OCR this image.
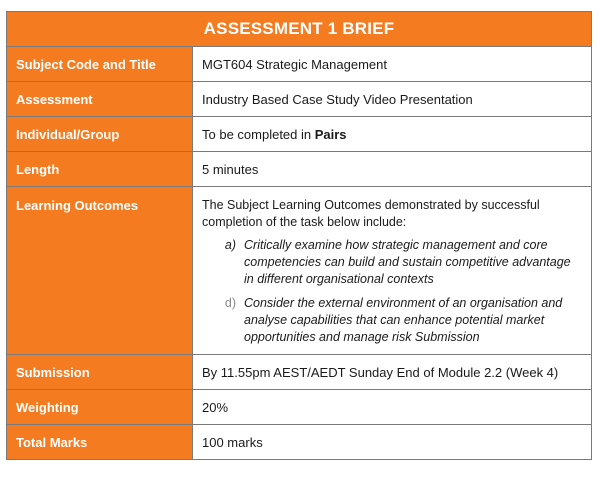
ASSESSMENT 1 BRIEF
Subject Code and Title	MGT604 Strategic Management
Assessment	Industry Based Case Study Video Presentation
Individual/Group	To be completed in Pairs
Length	5 minutes
Learning Outcomes	The Subject Learning Outcomes demonstrated by successful completion of the task below include:
a) Critically examine how strategic management and core competencies can build and sustain competitive advantage in different organisational contexts
d) Consider the external environment of an organisation and analyse capabilities that can enhance potential market opportunities and manage risk Submission
Submission	By 11.55pm AEST/AEDT Sunday End of Module 2.2 (Week 4)
Weighting	20%
Total Marks	100 marks
